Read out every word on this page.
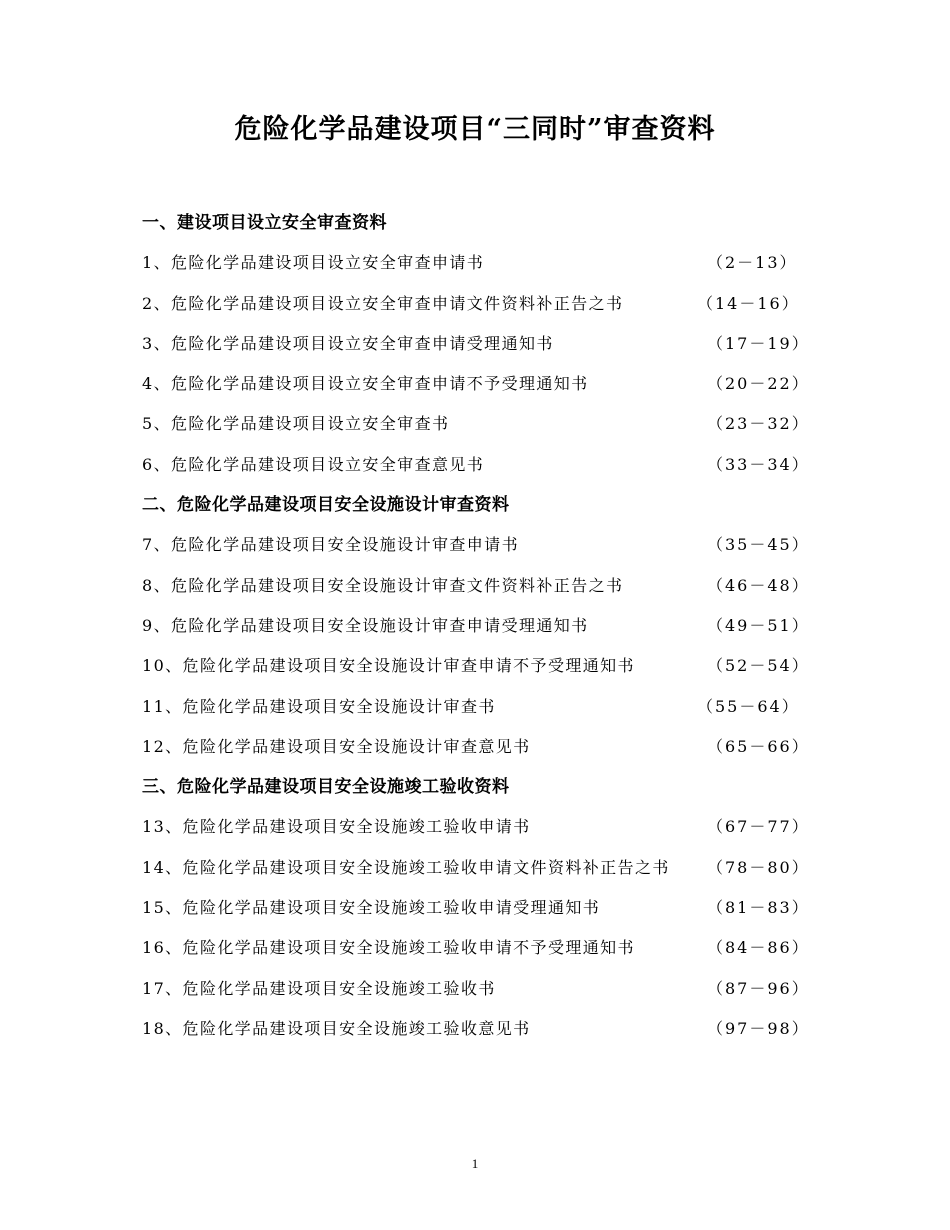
危险化学品建设项目“三同时”审查资料
一、建设项目设立安全审查资料
1、危险化学品建设项目设立安全审查申请书	（2－13）
2、危险化学品建设项目设立安全审查申请文件资料补正告之书	（14－16）
3、危险化学品建设项目设立安全审查申请受理通知书	（17－19）
4、危险化学品建设项目设立安全审查申请不予受理通知书	（20－22）
5、危险化学品建设项目设立安全审查书	（23－32）
6、危险化学品建设项目设立安全审查意见书	（33－34）
二、危险化学品建设项目安全设施设计审查资料
7、危险化学品建设项目安全设施设计审查申请书	（35－45）
8、危险化学品建设项目安全设施设计审查文件资料补正告之书	（46－48）
9、危险化学品建设项目安全设施设计审查申请受理通知书	（49－51）
10、危险化学品建设项目安全设施设计审查申请不予受理通知书	（52－54）
11、危险化学品建设项目安全设施设计审查书	（55－64）
12、危险化学品建设项目安全设施设计审查意见书	（65－66）
三、危险化学品建设项目安全设施竣工验收资料
13、危险化学品建设项目安全设施竣工验收申请书	（67－77）
14、危险化学品建设项目安全设施竣工验收申请文件资料补正告之书 （78－80）
15、危险化学品建设项目安全设施竣工验收申请受理通知书	（81－83）
16、危险化学品建设项目安全设施竣工验收申请不予受理通知书	（84－86）
17、危险化学品建设项目安全设施竣工验收书	（87－96）
18、危险化学品建设项目安全设施竣工验收意见书	（97－98）
1
